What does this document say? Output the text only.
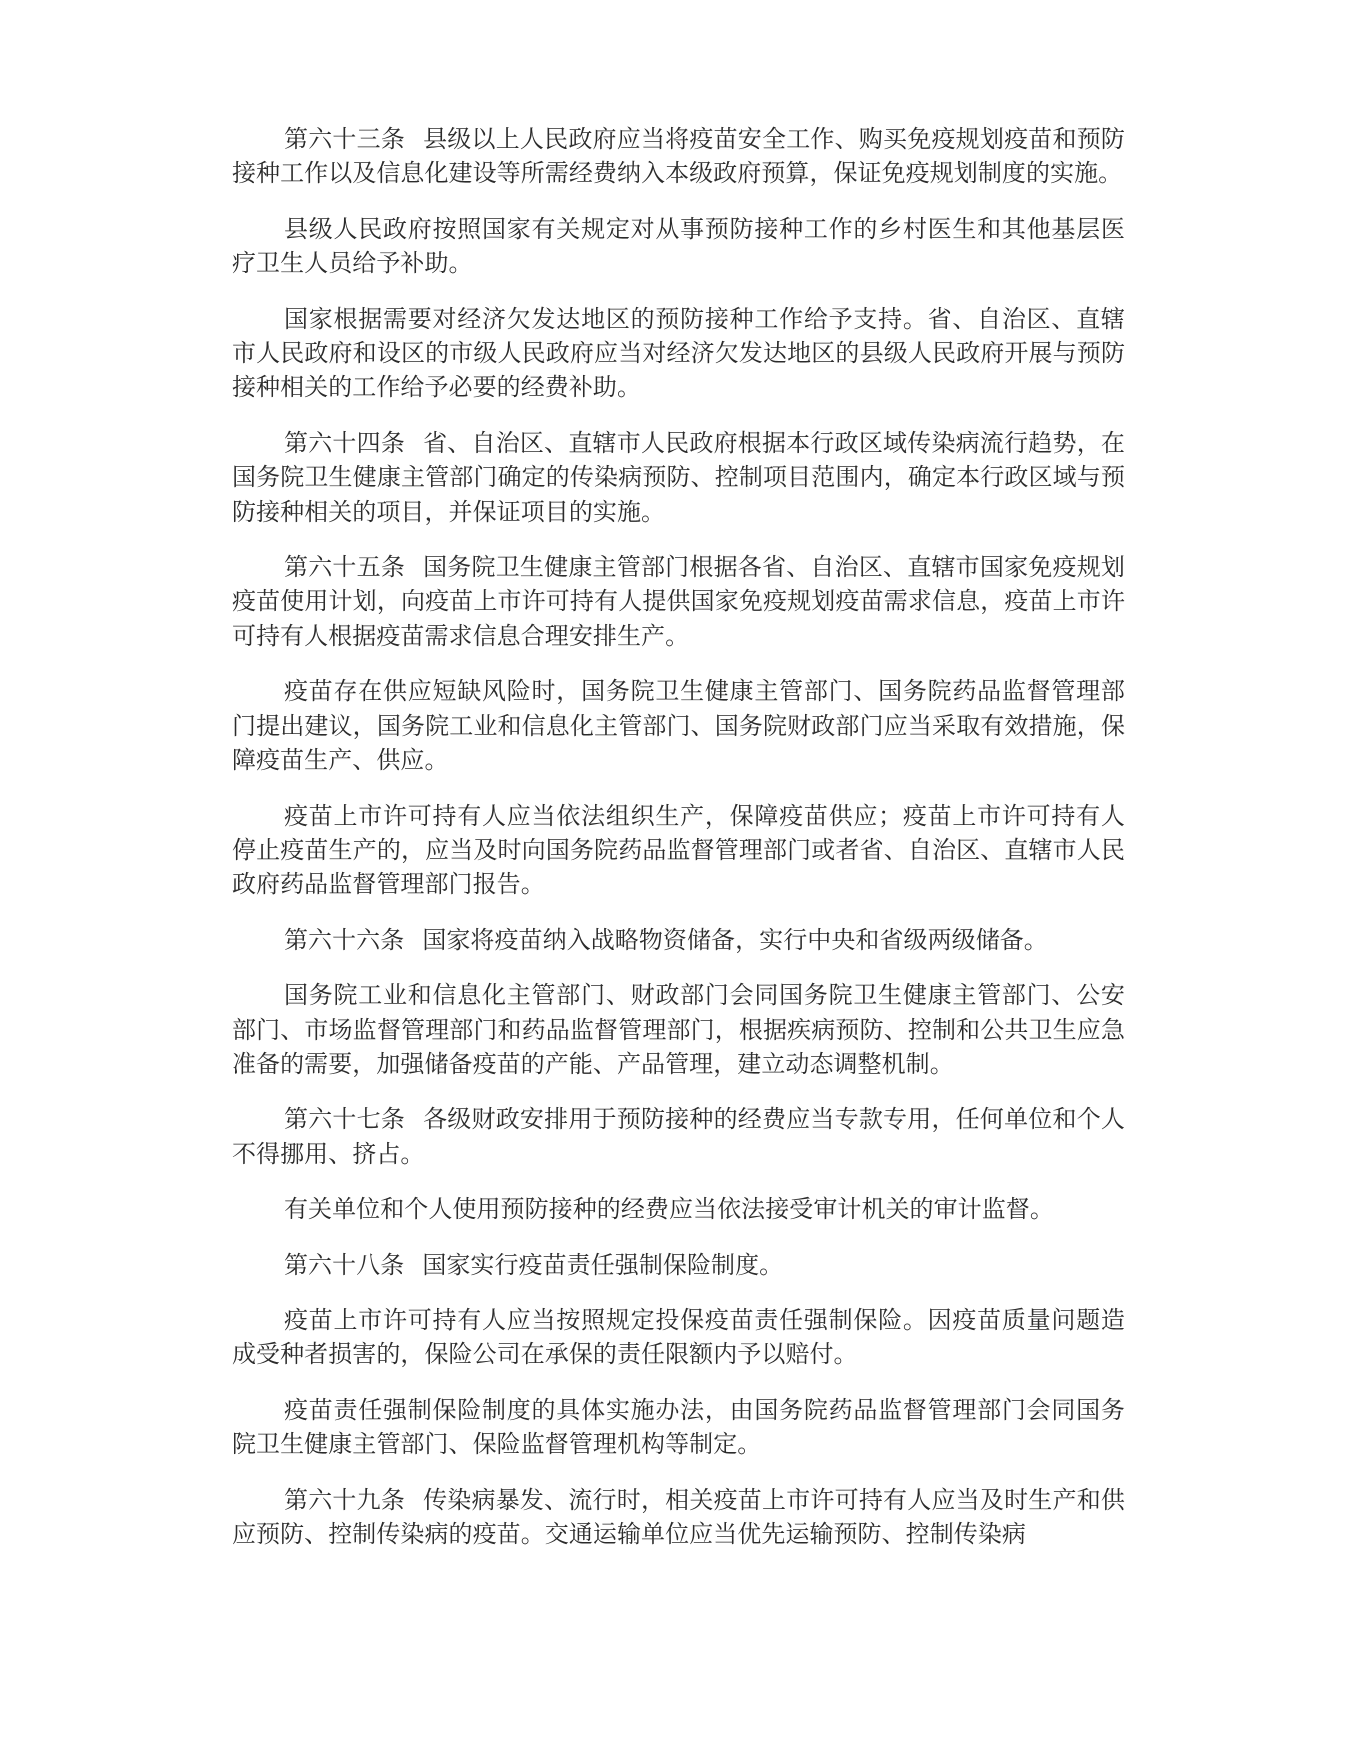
第六十三条 县级以上人民政府应当将疫苗安全工作、购买免疫规划疫苗和预防接种工作以及信息化建设等所需经费纳入本级政府预算，保证免疫规划制度的实施。

县级人民政府按照国家有关规定对从事预防接种工作的乡村医生和其他基层医疗卫生人员给予补助。

国家根据需要对经济欠发达地区的预防接种工作给予支持。省、自治区、直辖市人民政府和设区的市级人民政府应当对经济欠发达地区的县级人民政府开展与预防接种相关的工作给予必要的经费补助。

第六十四条 省、自治区、直辖市人民政府根据本行政区域传染病流行趋势，在国务院卫生健康主管部门确定的传染病预防、控制项目范围内，确定本行政区域与预防接种相关的项目，并保证项目的实施。

第六十五条 国务院卫生健康主管部门根据各省、自治区、直辖市国家免疫规划疫苗使用计划，向疫苗上市许可持有人提供国家免疫规划疫苗需求信息，疫苗上市许可持有人根据疫苗需求信息合理安排生产。

疫苗存在供应短缺风险时，国务院卫生健康主管部门、国务院药品监督管理部门提出建议，国务院工业和信息化主管部门、国务院财政部门应当采取有效措施，保障疫苗生产、供应。

疫苗上市许可持有人应当依法组织生产，保障疫苗供应；疫苗上市许可持有人停止疫苗生产的，应当及时向国务院药品监督管理部门或者省、自治区、直辖市人民政府药品监督管理部门报告。

第六十六条 国家将疫苗纳入战略物资储备，实行中央和省级两级储备。

国务院工业和信息化主管部门、财政部门会同国务院卫生健康主管部门、公安部门、市场监督管理部门和药品监督管理部门，根据疾病预防、控制和公共卫生应急准备的需要，加强储备疫苗的产能、产品管理，建立动态调整机制。

第六十七条 各级财政安排用于预防接种的经费应当专款专用，任何单位和个人不得挪用、挤占。

有关单位和个人使用预防接种的经费应当依法接受审计机关的审计监督。

第六十八条 国家实行疫苗责任强制保险制度。

疫苗上市许可持有人应当按照规定投保疫苗责任强制保险。因疫苗质量问题造成受种者损害的，保险公司在承保的责任限额内予以赔付。

疫苗责任强制保险制度的具体实施办法，由国务院药品监督管理部门会同国务院卫生健康主管部门、保险监督管理机构等制定。

第六十九条 传染病暴发、流行时，相关疫苗上市许可持有人应当及时生产和供应预防、控制传染病的疫苗。交通运输单位应当优先运输预防、控制传染病
